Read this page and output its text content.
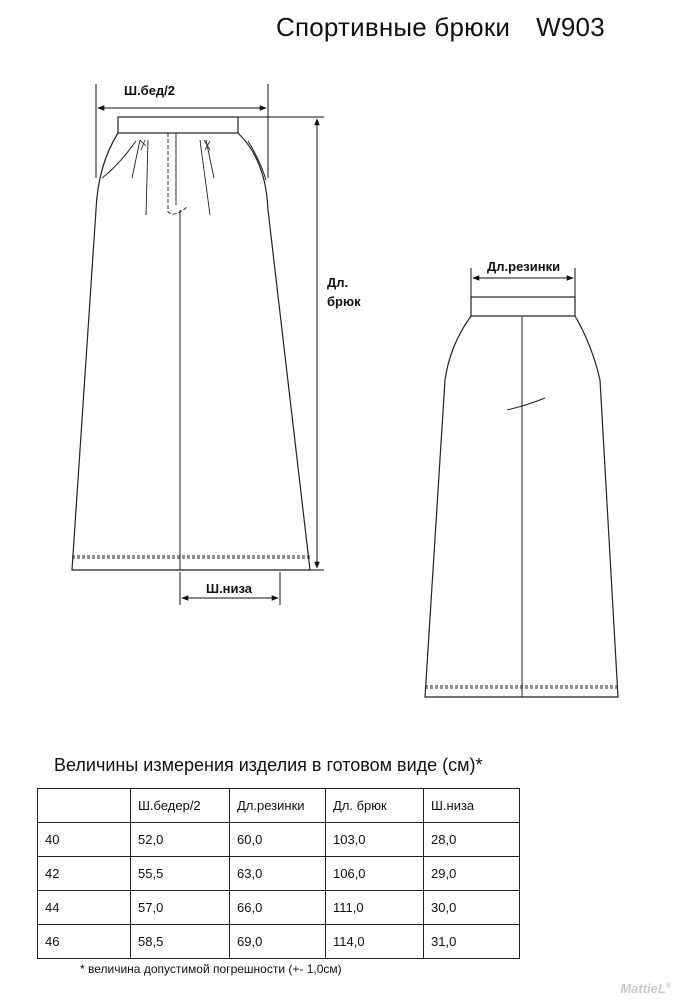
Спортивные брюки W903
Ш.бед/2
Дл. брюк
Ш.низа
Дл.резинки
Величины измерения изделия в готовом виде (см)*
	Ш.бедер/2	Дл.резинки	Дл. брюк	Ш.низа
40	52,0	60,0	103,0	28,0
42	55,5	63,0	106,0	29,0
44	57,0	66,0	111,0	30,0
46	58,5	69,0	114,0	31,0
* величина допустимой погрешности (+- 1,0см)
MattieL®
